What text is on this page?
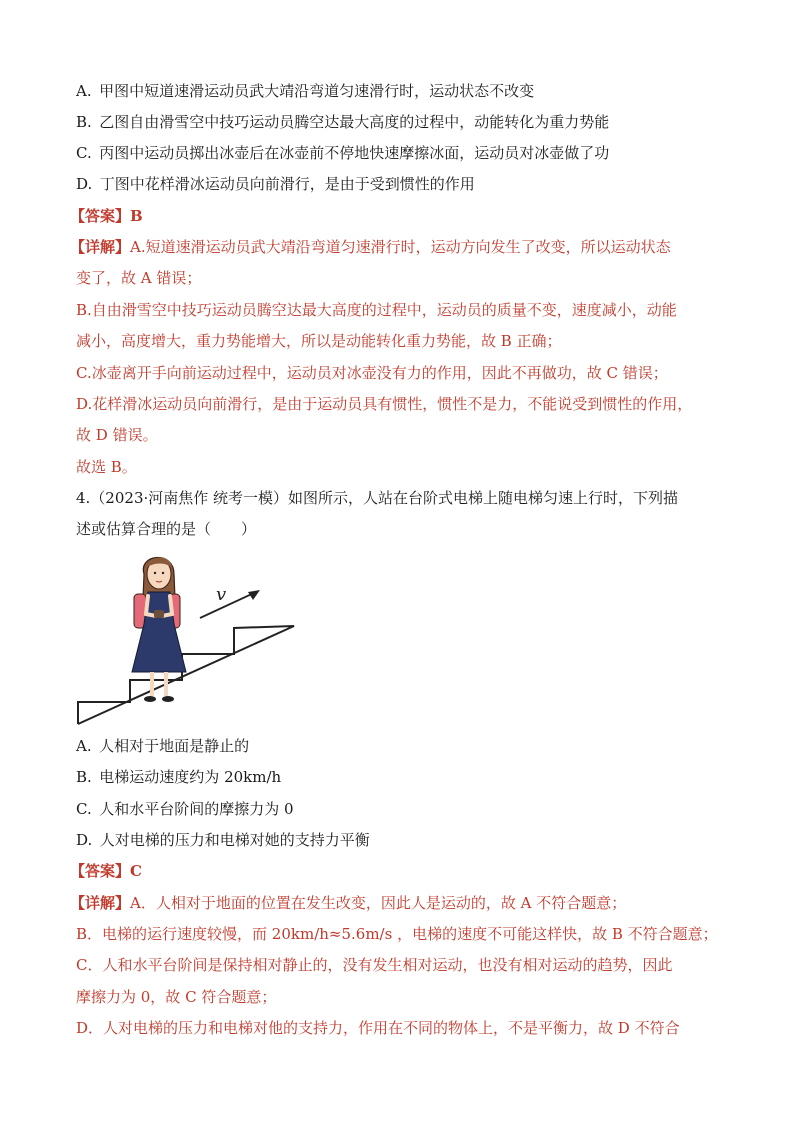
A.  甲图中短道速滑运动员武大靖沿弯道匀速滑行时，运动状态不改变
B.  乙图自由滑雪空中技巧运动员腾空达最大高度的过程中，动能转化为重力势能
C.  丙图中运动员掷出冰壶后在冰壶前不停地快速摩擦冰面，运动员对冰壶做了功
D.  丁图中花样滑冰运动员向前滑行，是由于受到惯性的作用
【答案】B
【详解】A.短道速滑运动员武大靖沿弯道匀速滑行时，运动方向发生了改变，所以运动状态
变了，故 A 错误；
B.自由滑雪空中技巧运动员腾空达最大高度的过程中，运动员的质量不变，速度减小，动能
减小，高度增大，重力势能增大，所以是动能转化重力势能，故 B 正确；
C.冰壶离开手向前运动过程中，运动员对冰壶没有力的作用，因此不再做功，故 C 错误；
D.花样滑冰运动员向前滑行，是由于运动员具有惯性，惯性不是力，不能说受到惯性的作用，
故 D 错误。
故选 B。
4.（2023·河南焦作 统考一模）如图所示，人站在台阶式电梯上随电梯匀速上行时，下列描
述或估算合理的是（　　）
v
A.  人相对于地面是静止的
B.  电梯运动速度约为 20km/h
C.  人和水平台阶间的摩擦力为 0
D.  人对电梯的压力和电梯对她的支持力平衡
【答案】C
【详解】A．人相对于地面的位置在发生改变，因此人是运动的，故 A 不符合题意；
B．电梯的运行速度较慢，而 20km/h≈5.6m/s ，电梯的速度不可能这样快，故 B 不符合题意；
C．人和水平台阶间是保持相对静止的，没有发生相对运动，也没有相对运动的趋势，因此
摩擦力为 0，故 C 符合题意；
D．人对电梯的压力和电梯对他的支持力，作用在不同的物体上，不是平衡力，故 D 不符合
